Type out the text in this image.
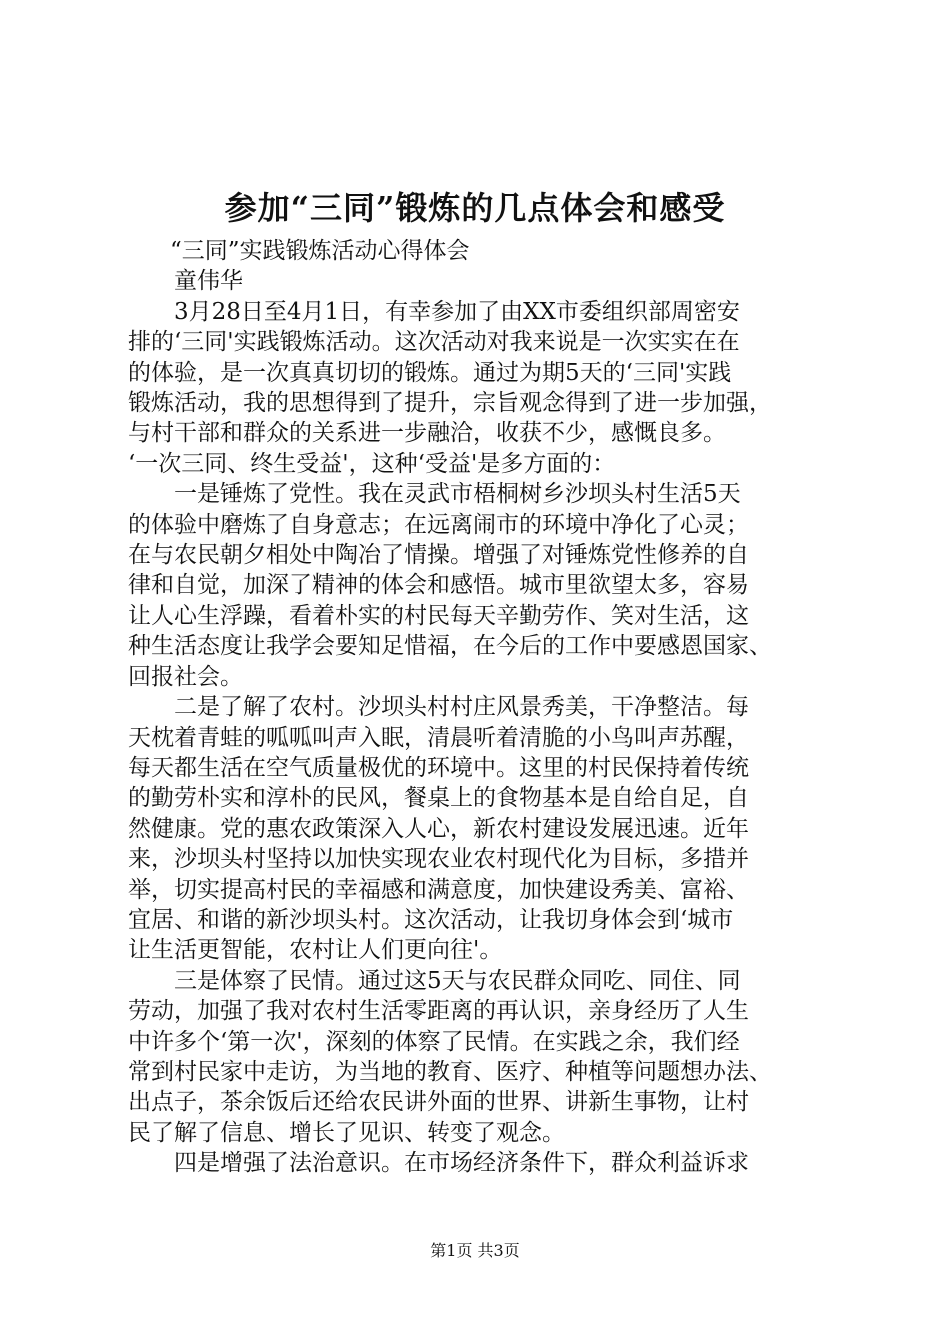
参加“三同”锻炼的几点体会和感受

“三同”实践锻炼活动心得体会

童伟华

3月28日至4月1日，有幸参加了由XX市委组织部周密安

排的‘三同'实践锻炼活动。这次活动对我来说是一次实实在在

的体验，是一次真真切切的锻炼。通过为期5天的‘三同'实践

锻炼活动，我的思想得到了提升，宗旨观念得到了进一步加强，

与村干部和群众的关系进一步融洽，收获不少，感慨良多。

‘一次三同、终生受益'，这种‘受益'是多方面的：

一是锤炼了党性。我在灵武市梧桐树乡沙坝头村生活5天

的体验中磨炼了自身意志；在远离闹市的环境中净化了心灵；

在与农民朝夕相处中陶冶了情操。增强了对锤炼党性修养的自

律和自觉，加深了精神的体会和感悟。城市里欲望太多，容易

让人心生浮躁，看着朴实的村民每天辛勤劳作、笑对生活，这

种生活态度让我学会要知足惜福，在今后的工作中要感恩国家、

回报社会。

二是了解了农村。沙坝头村村庄风景秀美，干净整洁。每

天枕着青蛙的呱呱叫声入眠，清晨听着清脆的小鸟叫声苏醒，

每天都生活在空气质量极优的环境中。这里的村民保持着传统

的勤劳朴实和淳朴的民风，餐桌上的食物基本是自给自足，自

然健康。党的惠农政策深入人心，新农村建设发展迅速。近年

来，沙坝头村坚持以加快实现农业农村现代化为目标，多措并

举，切实提高村民的幸福感和满意度，加快建设秀美、富裕、

宜居、和谐的新沙坝头村。这次活动，让我切身体会到‘城市

让生活更智能，农村让人们更向往'。

三是体察了民情。通过这5天与农民群众同吃、同住、同

劳动，加强了我对农村生活零距离的再认识，亲身经历了人生

中许多个‘第一次'，深刻的体察了民情。在实践之余，我们经

常到村民家中走访，为当地的教育、医疗、种植等问题想办法、

出点子，茶余饭后还给农民讲外面的世界、讲新生事物，让村

民了解了信息、增长了见识、转变了观念。

四是增强了法治意识。在市场经济条件下，群众利益诉求

第1页 共3页
